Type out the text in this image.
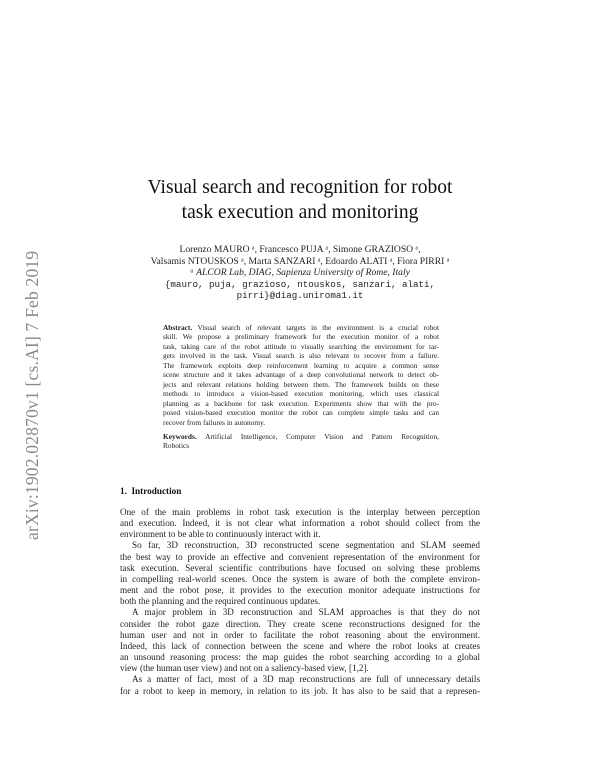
arXiv:1902.02870v1 [cs.AI] 7 Feb 2019
Visual search and recognition for robot
task execution and monitoring
Lorenzo MAURO ᵃ, Francesco PUJA ᵃ, Simone GRAZIOSO ᵃ,
Valsamis NTOUSKOS ᵃ, Marta SANZARI ᵃ, Edoardo ALATI ᵃ, Fiora PIRRI ᵃ
ᵃ ALCOR Lab, DIAG, Sapienza University of Rome, Italy
{mauro, puja, grazioso, ntouskos, sanzari, alati,
pirri}@diag.uniroma1.it
Abstract. Visual search of relevant targets in the environment is a crucial robot
skill. We propose a preliminary framework for the execution monitor of a robot
task, taking care of the robot attitude to visually searching the environment for tar-
gets involved in the task. Visual search is also relevant to recover from a failure.
The framework exploits deep reinforcement learning to acquire a common sense
scene structure and it takes advantage of a deep convolutional network to detect ob-
jects and relevant relations holding between them. The framework builds on these
methods to introduce a vision-based execution monitoring, which uses classical
planning as a backbone for task execution. Experiments show that with the pro-
posed vision-based execution monitor the robot can complete simple tasks and can
recover from failures in autonomy.
Keywords. Artificial Intelligence, Computer Vision and Pattern Recognition,
Robotics
1. Introduction
One of the main problems in robot task execution is the interplay between perception
and execution. Indeed, it is not clear what information a robot should collect from the
environment to be able to continuously interact with it.
So far, 3D reconstruction, 3D reconstructed scene segmentation and SLAM seemed
the best way to provide an effective and convenient representation of the environment for
task execution. Several scientific contributions have focused on solving these problems
in compelling real-world scenes. Once the system is aware of both the complete environ-
ment and the robot pose, it provides to the execution monitor adequate instructions for
both the planning and the required continuous updates.
A major problem in 3D reconstruction and SLAM approaches is that they do not
consider the robot gaze direction. They create scene reconstructions designed for the
human user and not in order to facilitate the robot reasoning about the environment.
Indeed, this lack of connection between the scene and where the robot looks at creates
an unsound reasoning process: the map guides the robot searching according to a global
view (the human user view) and not on a saliency-based view, [1,2].
As a matter of fact, most of a 3D map reconstructions are full of unnecessary details
for a robot to keep in memory, in relation to its job. It has also to be said that a represen-
